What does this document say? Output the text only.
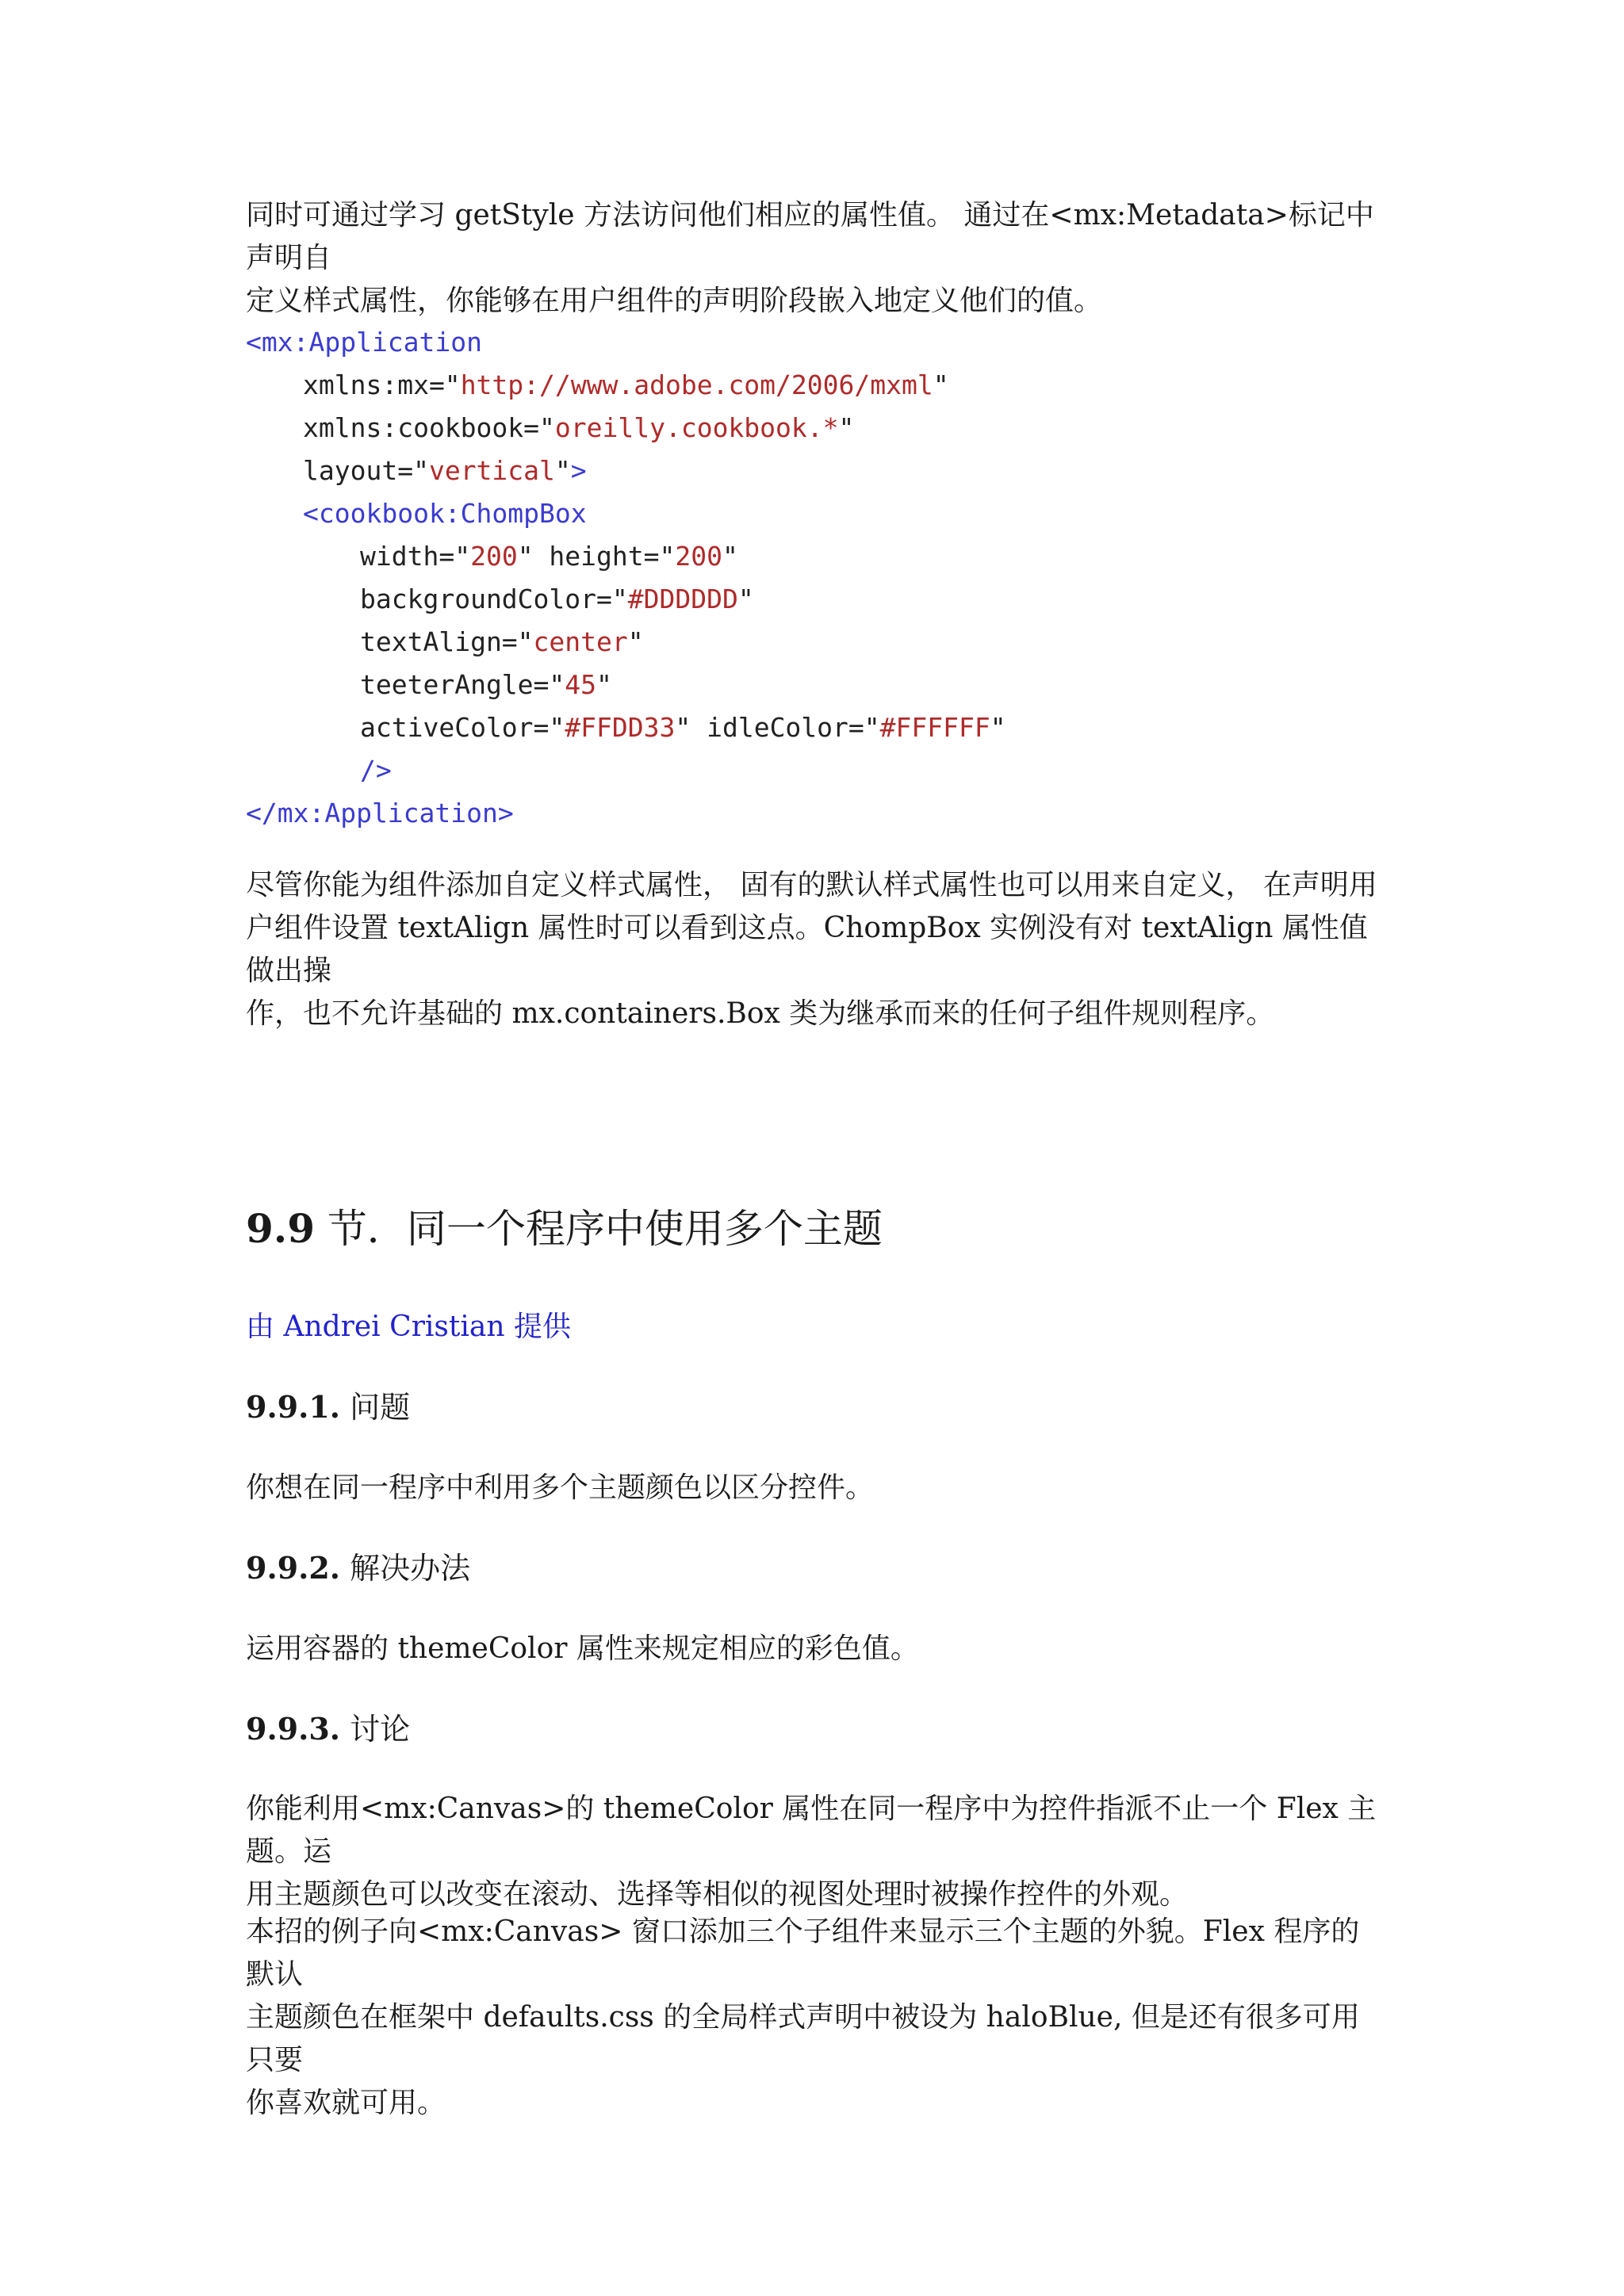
同时可通过学习 getStyle 方法访问他们相应的属性值。 通过在<mx:Metadata>标记中声明自

定义样式属性，你能够在用户组件的声明阶段嵌入地定义他们的值。

<mx:Application
xmlns:mx="http://www.adobe.com/2006/mxml"
xmlns:cookbook="oreilly.cookbook.*"
layout="vertical">
<cookbook:ChompBox
width="200" height="200"
backgroundColor="#DDDDDD"
textAlign="center"
teeterAngle="45"
activeColor="#FFDD33" idleColor="#FFFFFF"
/>
</mx:Application>

尽管你能为组件添加自定义样式属性， 固有的默认样式属性也可以用来自定义， 在声明用

户组件设置 textAlign 属性时可以看到这点。ChompBox 实例没有对 textAlign 属性值做出操

作，也不允许基础的 mx.containers.Box 类为继承而来的任何子组件规则程序。

9.9 节．同一个程序中使用多个主题

由 Andrei Cristian 提供

9.9.1. 问题

你想在同一程序中利用多个主题颜色以区分控件。

9.9.2. 解决办法

运用容器的 themeColor 属性来规定相应的彩色值。

9.9.3. 讨论

你能利用<mx:Canvas>的 themeColor 属性在同一程序中为控件指派不止一个 Flex 主题。运

用主题颜色可以改变在滚动、选择等相似的视图处理时被操作控件的外观。

本招的例子向<mx:Canvas> 窗口添加三个子组件来显示三个主题的外貌。Flex 程序的默认

主题颜色在框架中 defaults.css 的全局样式声明中被设为 haloBlue, 但是还有很多可用只要

你喜欢就可用。
